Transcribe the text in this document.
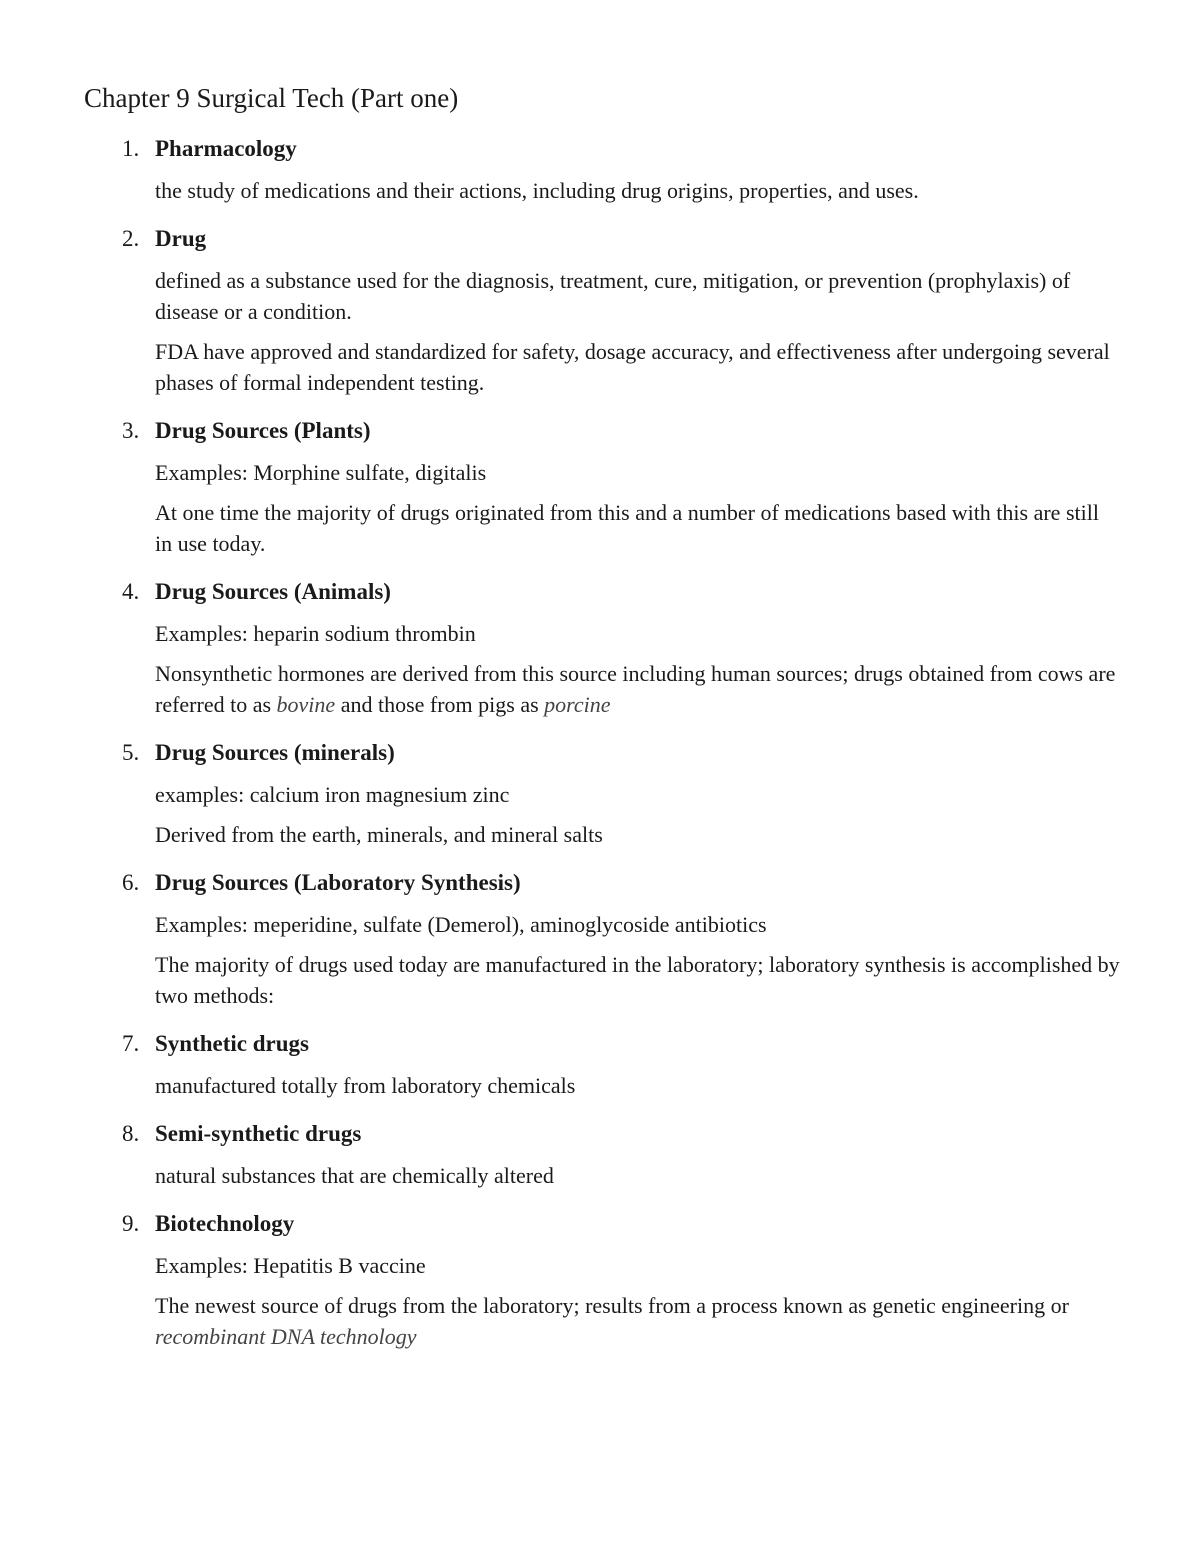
Chapter 9 Surgical Tech (Part one)
1. Pharmacology

the study of medications and their actions, including drug origins, properties, and uses.

2. Drug

defined as a substance used for the diagnosis, treatment, cure, mitigation, or prevention (prophylaxis) of disease or a condition.

FDA have approved and standardized for safety, dosage accuracy, and effectiveness after undergoing several phases of formal independent testing.

3. Drug Sources (Plants)

Examples: Morphine sulfate, digitalis

At one time the majority of drugs originated from this and a number of medications based with this are still in use today.

4. Drug Sources (Animals)

Examples: heparin sodium thrombin

Nonsynthetic hormones are derived from this source including human sources; drugs obtained from cows are referred to as bovine and those from pigs as porcine

5. Drug Sources (minerals)

examples: calcium iron magnesium zinc

Derived from the earth, minerals, and mineral salts

6. Drug Sources (Laboratory Synthesis)

Examples: meperidine, sulfate (Demerol), aminoglycoside antibiotics

The majority of drugs used today are manufactured in the laboratory; laboratory synthesis is accomplished by two methods:

7. Synthetic drugs

manufactured totally from laboratory chemicals

8. Semi-synthetic drugs

natural substances that are chemically altered

9. Biotechnology

Examples: Hepatitis B vaccine

The newest source of drugs from the laboratory; results from a process known as genetic engineering or recombinant DNA technology
